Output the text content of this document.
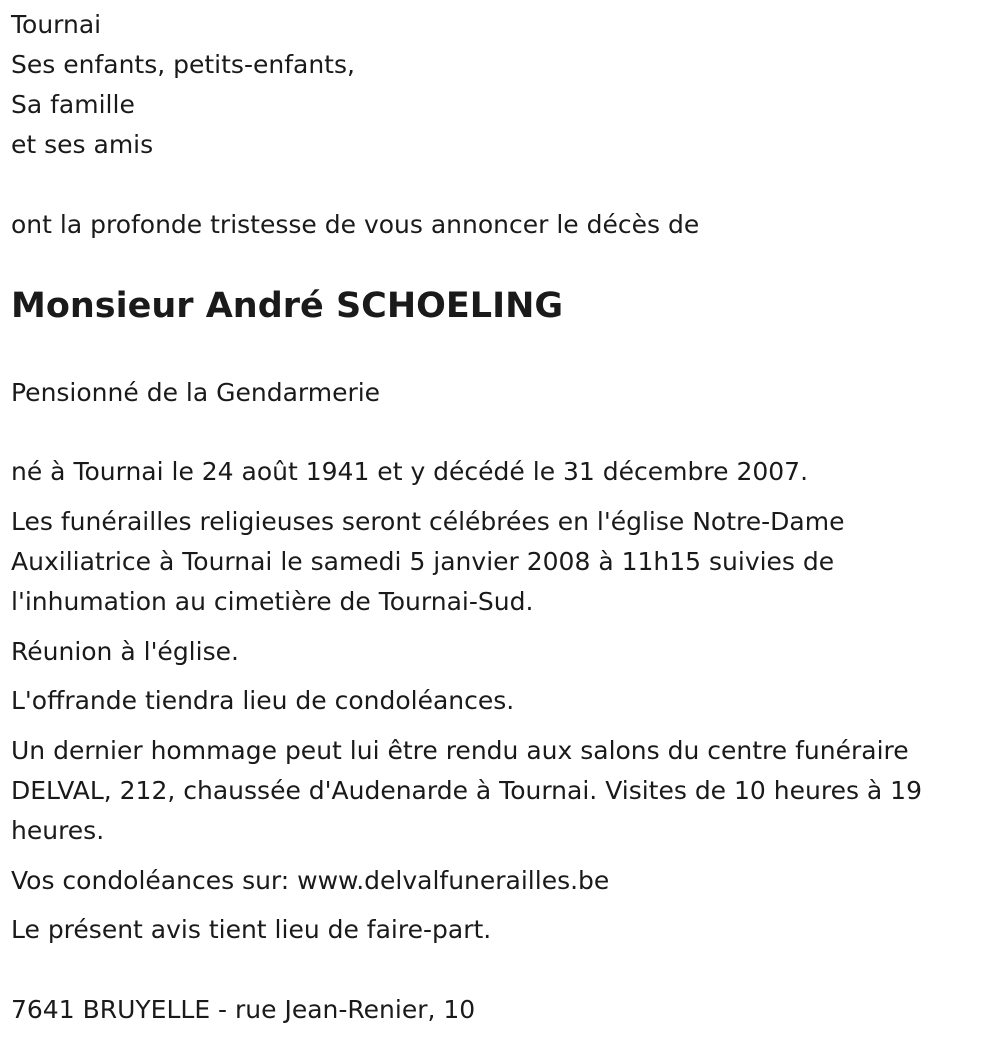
Tournai

Ses enfants, petits-enfants,

Sa famille

et ses amis

ont la profonde tristesse de vous annoncer le décès de

Monsieur André SCHOELING

Pensionné de la Gendarmerie

né à Tournai le 24 août 1941 et y décédé le 31 décembre 2007.

Les funérailles religieuses seront célébrées en l'église Notre-Dame Auxiliatrice à Tournai le samedi 5 janvier 2008 à 11h15 suivies de l'inhumation au cimetière de Tournai-Sud.

Réunion à l'église.

L'offrande tiendra lieu de condoléances.

Un dernier hommage peut lui être rendu aux salons du centre funéraire DELVAL, 212, chaussée d'Audenarde à Tournai. Visites de 10 heures à 19 heures.

Vos condoléances sur: www.delvalfunerailles.be

Le présent avis tient lieu de faire-part.

7641 BRUYELLE - rue Jean-Renier, 10
